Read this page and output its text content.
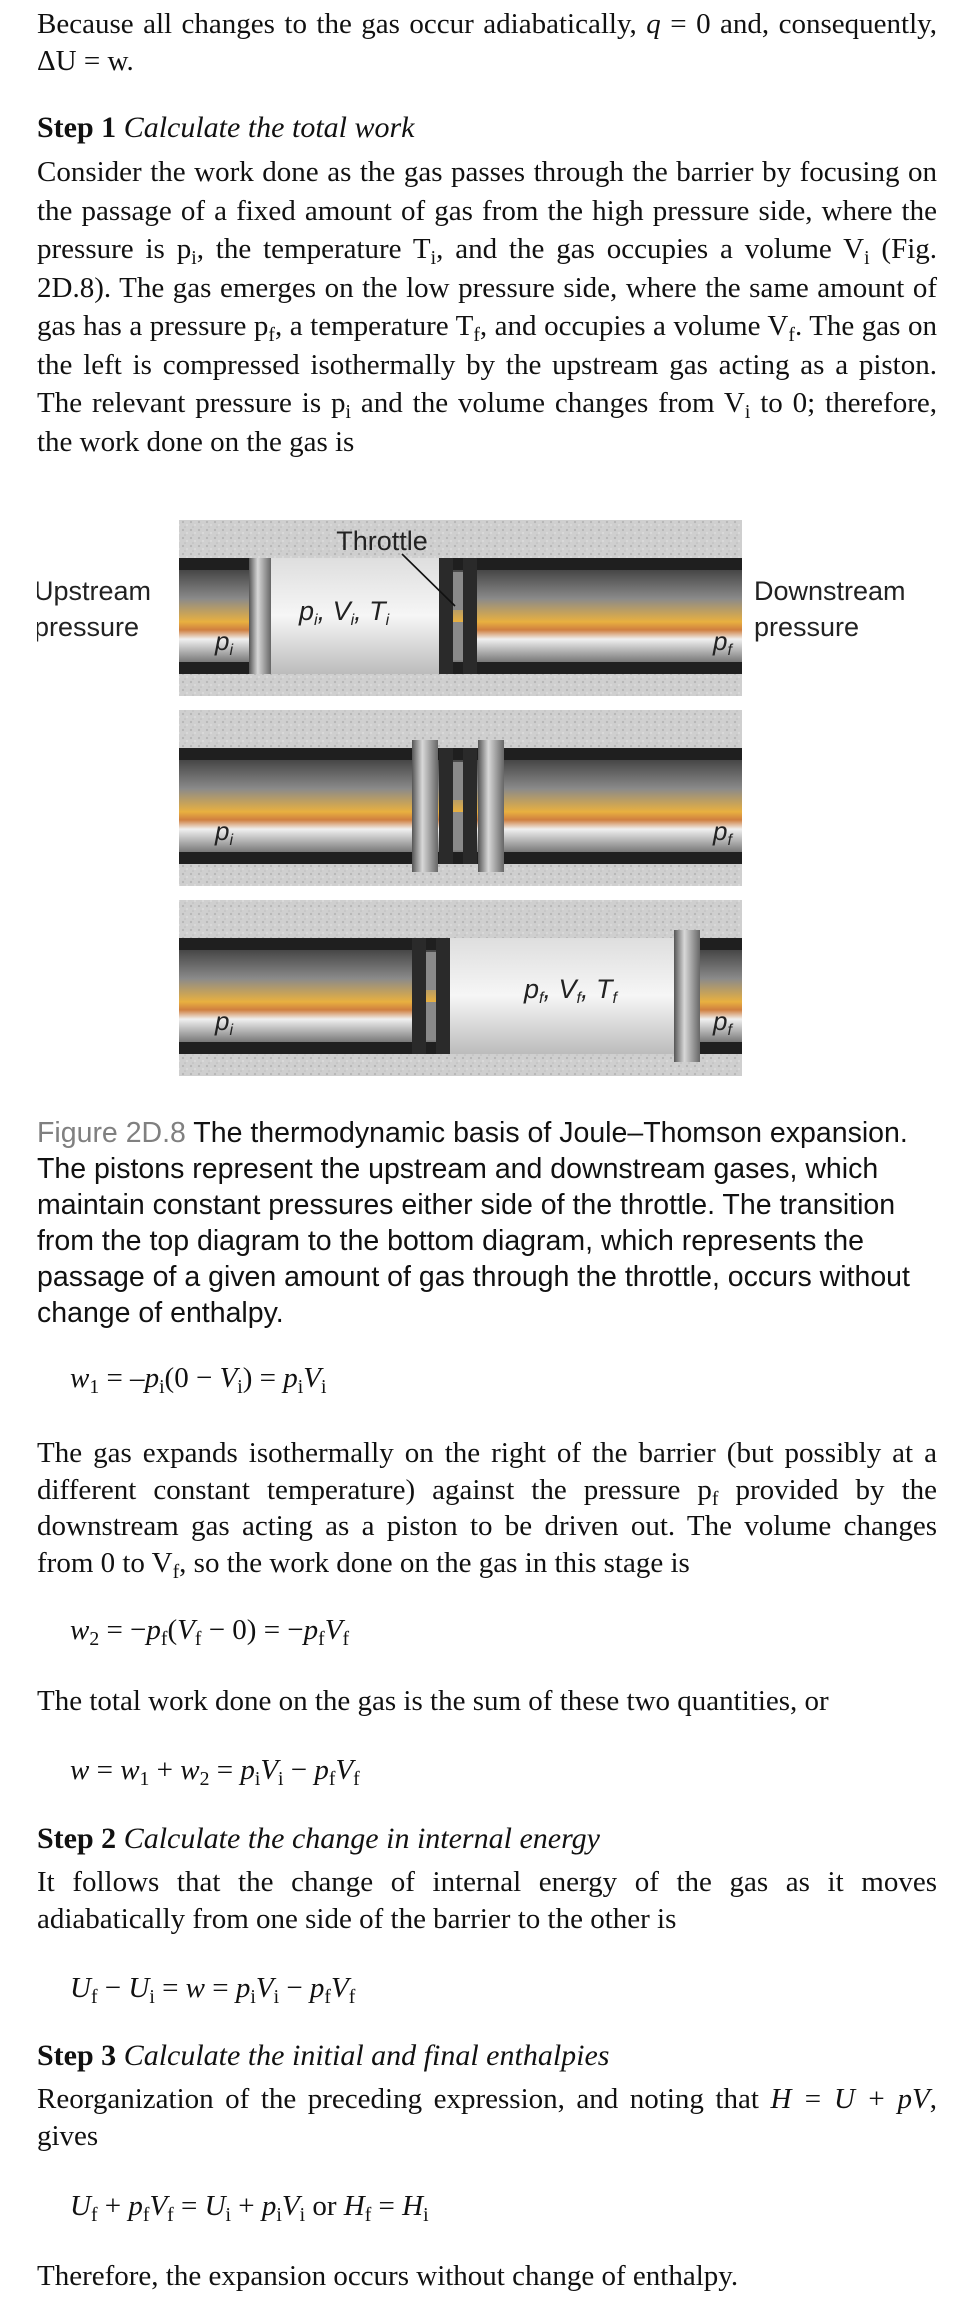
Because all changes to the gas occur adiabatically, q = 0 and, consequently, ΔU = w.

Step 1 Calculate the total work

Consider the work done as the gas passes through the barrier by focusing on the passage of a fixed amount of gas from the high pressure side, where the pressure is $p_i$, the temperature $T_i$, and the gas occupies a volume $V_i$ (Fig. 2D.8). The gas emerges on the low pressure side, where the same amount of gas has a pressure $p_f$, a temperature $T_f$, and occupies a volume $V_f$. The gas on the left is compressed isothermally by the upstream gas acting as a piston. The relevant pressure is $p_i$ and the volume changes from $V_i$ to 0; therefore, the work done on the gas is

Throttle
pi	pf
pi, Vi, Ti
Upstream
pressure
Downstream
pressure
pi	pf
pi	pf
pf, Vf, Tf

Figure 2D.8 The thermodynamic basis of Joule–Thomson expansion. The pistons represent the upstream and downstream gases, which maintain constant pressures either side of the throttle. The transition from the top diagram to the bottom diagram, which represents the passage of a given amount of gas through the throttle, occurs without change of enthalpy.

$w_1 = -p_i(0 - V_i) = p_iV_i$

The gas expands isothermally on the right of the barrier (but possibly at a different constant temperature) against the pressure $p_f$ provided by the downstream gas acting as a piston to be driven out. The volume changes from 0 to $V_f$, so the work done on the gas in this stage is

$w_2 = -p_f(V_f - 0) = -p_fV_f$

The total work done on the gas is the sum of these two quantities, or

$w = w_1 + w_2 = p_iV_i - p_fV_f$

Step 2 Calculate the change in internal energy

It follows that the change of internal energy of the gas as it moves adiabatically from one side of the barrier to the other is

$U_f - U_i = w = p_iV_i - p_fV_f$

Step 3 Calculate the initial and final enthalpies

Reorganization of the preceding expression, and noting that H = U + pV, gives

$U_f + p_fV_f = U_i + p_iV_i$ or $H_f = H_i$

Therefore, the expansion occurs without change of enthalpy.
